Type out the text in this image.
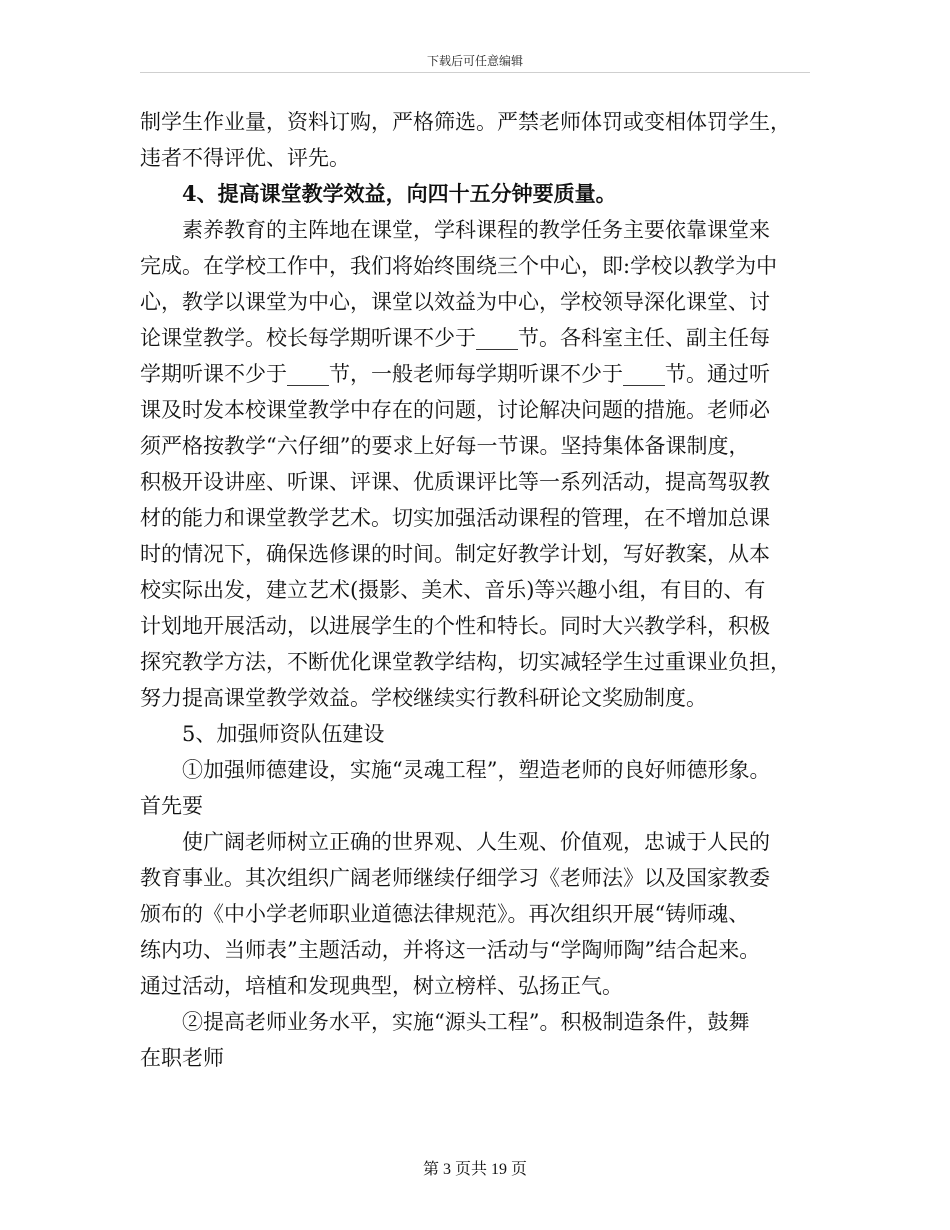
下载后可任意编辑
制学生作业量，资料订购，严格筛选。严禁老师体罚或变相体罚学生，
违者不得评优、评先。
4、提高课堂教学效益，向四十五分钟要质量。
素养教育的主阵地在课堂，学科课程的教学任务主要依靠课堂来
完成。在学校工作中，我们将始终围绕三个中心，即:学校以教学为中
心，教学以课堂为中心，课堂以效益为中心，学校领导深化课堂、讨
论课堂教学。校长每学期听课不少于____节。各科室主任、副主任每
学期听课不少于____节，一般老师每学期听课不少于____节。通过听
课及时发本校课堂教学中存在的问题，讨论解决问题的措施。老师必
须严格按教学“六仔细”的要求上好每一节课。坚持集体备课制度，
积极开设讲座、听课、评课、优质课评比等一系列活动，提高驾驭教
材的能力和课堂教学艺术。切实加强活动课程的管理，在不增加总课
时的情况下，确保选修课的时间。制定好教学计划，写好教案，从本
校实际出发，建立艺术(摄影、美术、音乐)等兴趣小组，有目的、有
计划地开展活动，以进展学生的个性和特长。同时大兴教学科，积极
探究教学方法，不断优化课堂教学结构，切实减轻学生过重课业负担，
努力提高课堂教学效益。学校继续实行教科研论文奖励制度。
5、加强师资队伍建设
①加强师德建设，实施“灵魂工程”，塑造老师的良好师德形象。
首先要
使广阔老师树立正确的世界观、人生观、价值观，忠诚于人民的
教育事业。其次组织广阔老师继续仔细学习《老师法》以及国家教委
颁布的《中小学老师职业道德法律规范》。再次组织开展“铸师魂、
练内功、当师表”主题活动，并将这一活动与“学陶师陶”结合起来。
通过活动，培植和发现典型，树立榜样、弘扬正气。
②提高老师业务水平，实施“源头工程”。积极制造条件，鼓舞
在职老师
第 3 页共 19 页
